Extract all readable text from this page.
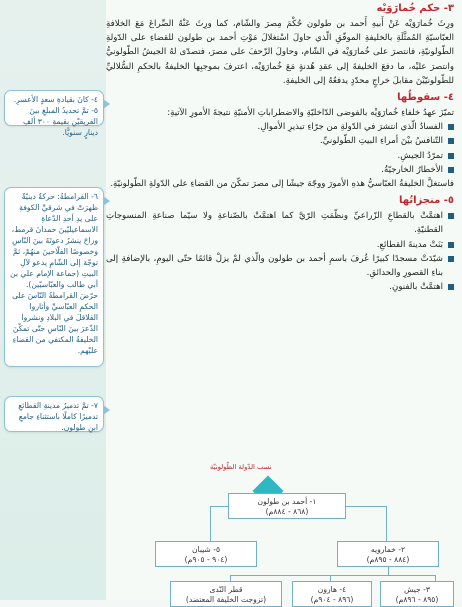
٣- حكم خُمارَوَيْه

ورِثَ خُمارَوَيْه عَنْ أَبيهِ أَحمد بن طولون حُكْمَ مِصرَ والشّام، كما ورِثَ عَنْهُ الصِّراعَ مَعَ الخلافةِ العبّاسيّةِ المُمثَّلَةِ بالخليفةِ الموفّقِ الّذي حاولَ اسْتغلالَ مَوْتِ أحمد بن طولون للقضاءِ على الدّولةِ الطّولونيّةِ، فانتصرَ على خُمارَوَيْه في الشّام، وحاولَ الزّحفَ على مصرَ، فتصدّى لهُ الجيشُ الطّولونيُّ وانتصرَ عليْه، ما دفعَ الخليفةَ إلى عقدِ هُدنةٍ مَعَ خُمارَوَيْه، اعترفَ بموجبِها الخليفةُ بالحكمِ السُّلاليِّ للطّولونيّيْنَ مقابلَ خراجٍ محدّدٍ يدفعُهُ إلى الخليفةِ.

٤- سقوطُها

تميّزَ عهدُ خلفاءِ خُمارَوَيْه بالفوضى الدّاخليّةِ والاضطراباتِ الأمنيّةِ نتيجةَ الأمورِ الآتيةِ:

الفسادُ الّذي انتشرَ في الدّولةِ من جرّاءِ تبذيرِ الأموالِ.
التّنافسُ بيْنَ أمراءِ البيتِ الطّولونيِّ.
تمرّدُ الجيشِ.
الأخطارُ الخارجيّةُ.

فاستغلَّ الخليفةُ العبّاسيُّ هذهِ الأمورَ ووجّهَ جيشًا إلى مصرَ تمكّنَ من القضاءِ على الدّولةِ الطّولونيّةِ.

٥- منجزاتُها
اهتمَّتْ بالقطاعِ الزّراعيِّ ونظّمَتِ الرّيَّ كما اهتمَّتْ بالصّناعةِ ولا سيّما صناعةِ المنسوجاتِ القطنيّةِ.
بَنَتْ مدينةَ القطائعِ.
شيّدَتْ مسجدًا كبيرًا عُرفَ باسمِ أحمد بن طولون والّذي لمْ يزلْ قائمًا حتّى اليومِ، بالإضافةِ إلى بناءِ القصورِ والحدائقِ.
اهتمَّتْ بالفنونِ.
٤- كانَ بقيادةِ سعدٍ الأعسرِ.
٥- تمَّ تحديدُ المبلغِ بينَ الفريقيْنِ بقيمةِ ٣٠٠ ألفِ دينارٍ سنويًّا.
٦- القرامطةُ: حركةٌ دينيّةٌ ظهرَتْ في شرقيِّ الكوفةِ على يدِ أحدِ الدّعاةِ الاسماعيليّينَ حمدانَ قرمط، وراحَ ينشرُ دعوتَهُ بينَ النّاسِ وخصوصًا الفلّاحينَ منهُمْ، ثمَّ توجّهَ إلى الشّامِ يدعو لآلِ البيتِ (جماعة الإمام علي بن أبي طالب والعبّاسيّين). حرّضَ القرامطةُ النّاسَ على الحكمِ العبّاسيِّ وأثاروا القلاقلَ في البلادِ ونشروا الذّعرَ بينَ النّاسِ حتّى تمكّنَ الخليفةُ المكتفي من القضاءِ عليْهم.
٧- تمَّ تدميرُ مدينةِ القطائعِ تدميرًا كاملًا باستثناءِ جامعِ ابنِ طولون.
نسب الدّولة الطّولونيّة
١- أحمد بن طولون
(٨٦٨ - ٨٨٤م)
٥- شيبان
(٩٠٤ - ٩٠٥م)
٢- خمارويه
(٨٨٤ - ٨٩٥م)
قطر النّدى
(تزوجت الخليفة المعتضد)
٤- هارون
(٨٩٦ - ٩٠٤م)
٣- جيش
(٨٩٥ - ٨٩٦م)
